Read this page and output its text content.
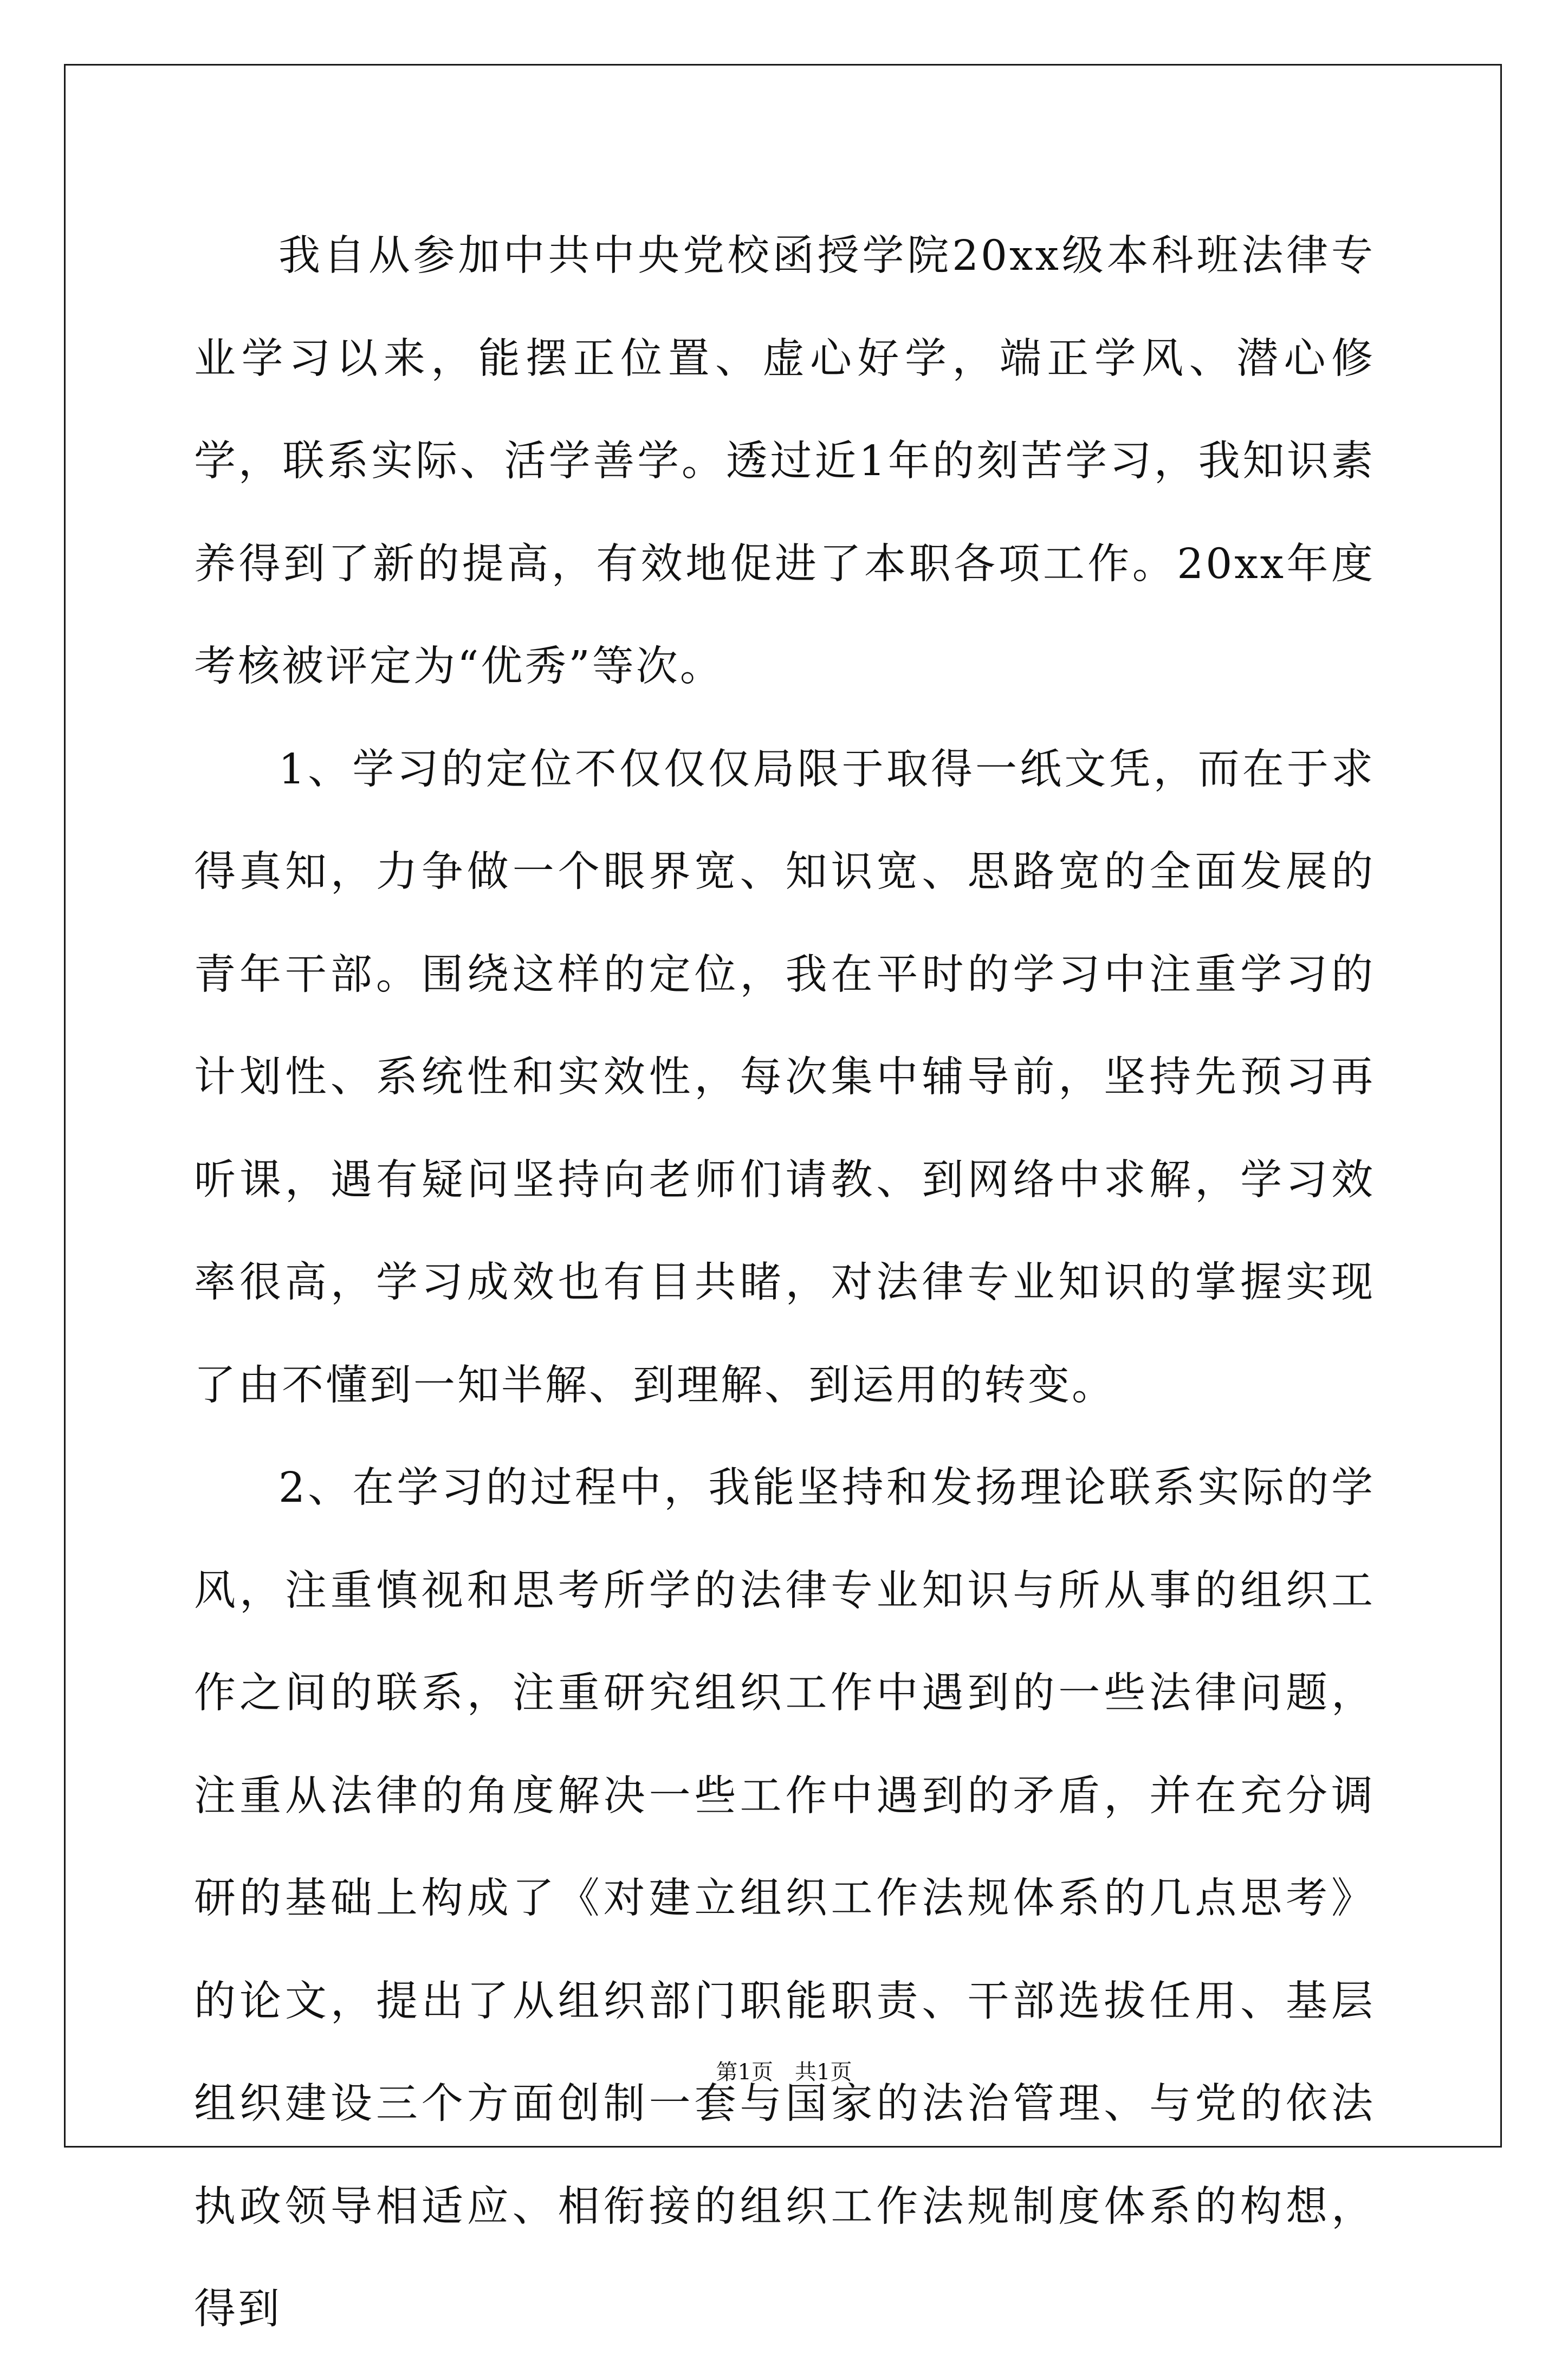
我自从参加中共中央党校函授学院20xx级本科班法律专业学习以来，能摆正位置、虚心好学，端正学风、潜心修学，联系实际、活学善学。透过近1年的刻苦学习，我知识素养得到了新的提高，有效地促进了本职各项工作。20xx年度考核被评定为“优秀”等次。

1、学习的定位不仅仅仅局限于取得一纸文凭，而在于求得真知，力争做一个眼界宽、知识宽、思路宽的全面发展的青年干部。围绕这样的定位，我在平时的学习中注重学习的计划性、系统性和实效性，每次集中辅导前，坚持先预习再听课，遇有疑问坚持向老师们请教、到网络中求解，学习效率很高，学习成效也有目共睹，对法律专业知识的掌握实现了由不懂到一知半解、到理解、到运用的转变。

2、在学习的过程中，我能坚持和发扬理论联系实际的学风，注重慎视和思考所学的法律专业知识与所从事的组织工作之间的联系，注重研究组织工作中遇到的一些法律问题，注重从法律的角度解决一些工作中遇到的矛盾，并在充分调研的基础上构成了《对建立组织工作法规体系的几点思考》的论文，提出了从组织部门职能职责、干部选拔任用、基层组织建设三个方面创制一套与国家的法治管理、与党的依法执政领导相适应、相衔接的组织工作法规制度体系的构想，得到

第1页 共1页
